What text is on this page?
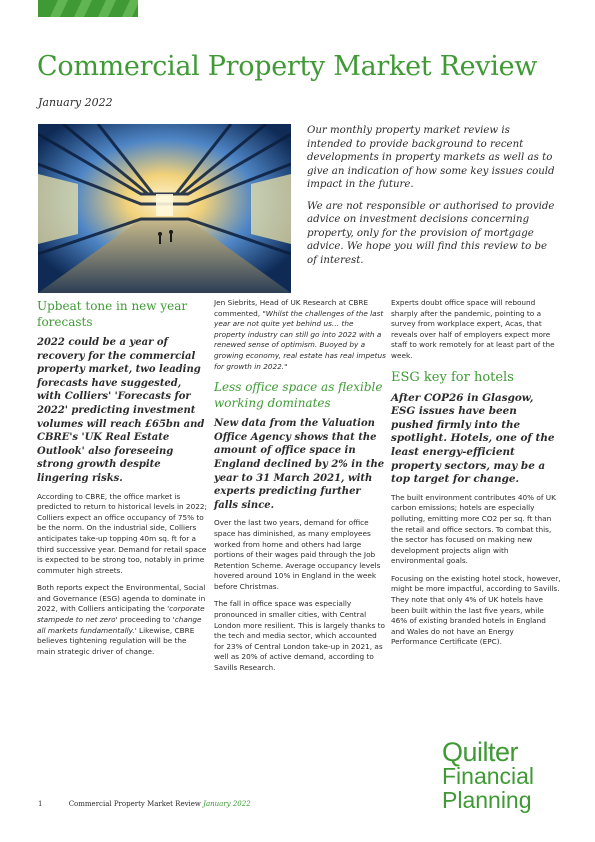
Commercial Property Market Review
January 2022

Our monthly property market review is intended to provide background to recent developments in property markets as well as to give an indication of how some key issues could impact in the future.

We are not responsible or authorised to provide advice on investment decisions concerning property, only for the provision of mortgage advice. We hope you will find this review to be of interest.

Upbeat tone in new year forecasts
2022 could be a year of recovery for the commercial property market, two leading forecasts have suggested, with Colliers' 'Forecasts for 2022' predicting investment volumes will reach £65bn and CBRE's 'UK Real Estate Outlook' also foreseeing strong growth despite lingering risks.
According to CBRE, the office market is predicted to return to historical levels in 2022; Colliers expect an office occupancy of 75% to be the norm. On the industrial side, Colliers anticipates take-up topping 40m sq. ft for a third successive year. Demand for retail space is expected to be strong too, notably in prime commuter high streets.
Both reports expect the Environmental, Social and Governance (ESG) agenda to dominate in 2022, with Colliers anticipating the 'corporate stampede to net zero' proceeding to 'change all markets fundamentally.' Likewise, CBRE believes tightening regulation will be the main strategic driver of change.
Jen Siebrits, Head of UK Research at CBRE commented, "Whilst the challenges of the last year are not quite yet behind us… the property industry can still go into 2022 with a renewed sense of optimism. Buoyed by a growing economy, real estate has real impetus for growth in 2022."
Less office space as flexible working dominates
New data from the Valuation Office Agency shows that the amount of office space in England declined by 2% in the year to 31 March 2021, with experts predicting further falls since.
Over the last two years, demand for office space has diminished, as many employees worked from home and others had large portions of their wages paid through the Job Retention Scheme. Average occupancy levels hovered around 10% in England in the week before Christmas.
The fall in office space was especially pronounced in smaller cities, with Central London more resilient. This is largely thanks to the tech and media sector, which accounted for 23% of Central London take-up in 2021, as well as 20% of active demand, according to Savills Research.
Experts doubt office space will rebound sharply after the pandemic, pointing to a survey from workplace expert, Acas, that reveals over half of employers expect more staff to work remotely for at least part of the week.
ESG key for hotels
After COP26 in Glasgow, ESG issues have been pushed firmly into the spotlight. Hotels, one of the least energy-efficient property sectors, may be a top target for change.
The built environment contributes 40% of UK carbon emissions; hotels are especially polluting, emitting more CO2 per sq. ft than the retail and office sectors. To combat this, the sector has focused on making new development projects align with environmental goals.
Focusing on the existing hotel stock, however, might be more impactful, according to Savills. They note that only 4% of UK hotels have been built within the last five years, while 46% of existing branded hotels in England and Wales do not have an Energy Performance Certificate (EPC).
1	Commercial Property Market Review January 2022
Quilter
Financial
Planning
